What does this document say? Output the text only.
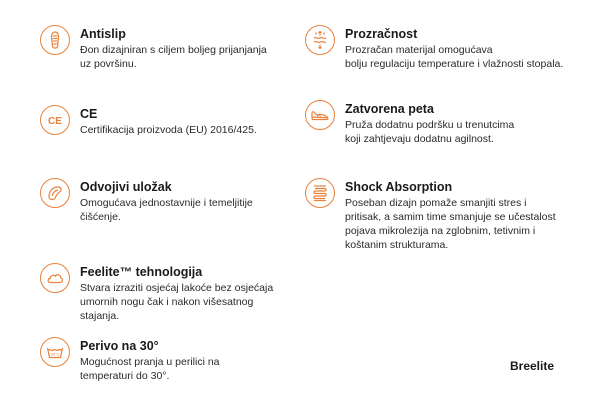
Antislip
Đon dizajniran s ciljem boljeg prijanjanja
uz površinu.
CE
CE
Certifikacija proizvoda (EU) 2016/425.
Odvojivi uložak
Omogućava jednostavnije i temeljitije
čišćenje.
Feelite™ tehnologija
Stvara izraziti osjećaj lakoće bez osjećaja
umornih nogu čak i nakon višesatnog
stajanja.
30°C
Perivo na 30°
Mogućnost pranja u perilici na
temperaturi do 30°.
Prozračnost
Prozračan materijal omogućava
bolju regulaciju temperature i vlažnosti stopala.
Zatvorena peta
Pruža dodatnu podršku u trenutcima
koji zahtjevaju dodatnu agilnost.
Shock Absorption
Poseban dizajn pomaže smanjiti stres i
pritisak, a samim time smanjuje se učestalost
pojava mikrolezija na zglobnim, tetivnim i
koštanim strukturama.
Breelite
